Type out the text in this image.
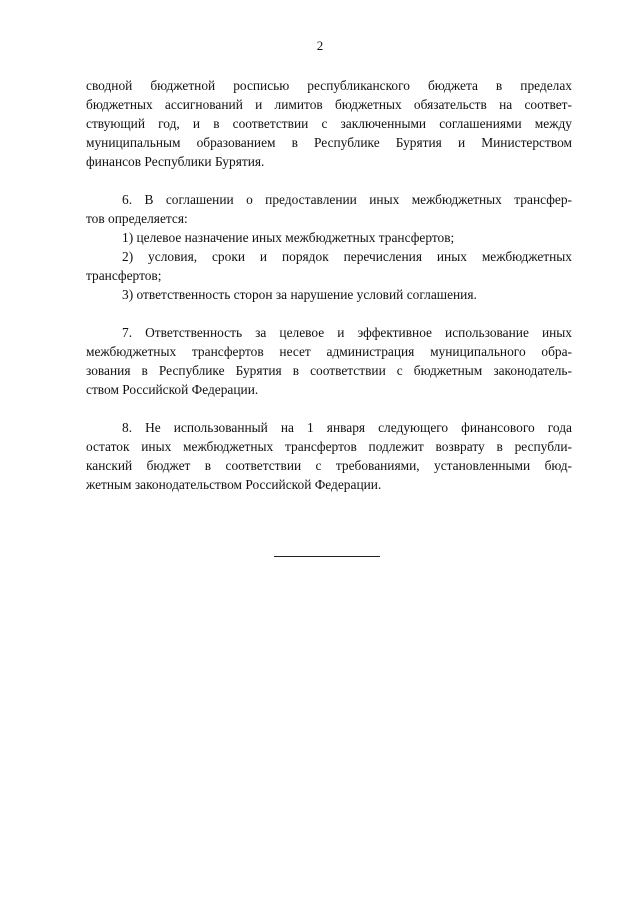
2
сводной бюджетной росписью республиканского бюджета в пределах
бюджетных ассигнований и лимитов бюджетных обязательств на соответ-
ствующий год, и в соответствии с заключенными соглашениями между
муниципальным образованием в Республике Бурятия и Министерством
финансов Республики Бурятия.
6. В соглашении о предоставлении иных межбюджетных трансфер-
тов определяется:
1) целевое назначение иных межбюджетных трансфертов;
2) условия, сроки и порядок перечисления иных межбюджетных
трансфертов;
3) ответственность сторон за нарушение условий соглашения.
7. Ответственность за целевое и эффективное использование иных
межбюджетных трансфертов несет администрация муниципального обра-
зования в Республике Бурятия в соответствии с бюджетным законодатель-
ством Российской Федерации.
8. Не использованный на 1 января следующего финансового года
остаток иных межбюджетных трансфертов подлежит возврату в республи-
канский бюджет в соответствии с требованиями, установленными бюд-
жетным законодательством Российской Федерации.
